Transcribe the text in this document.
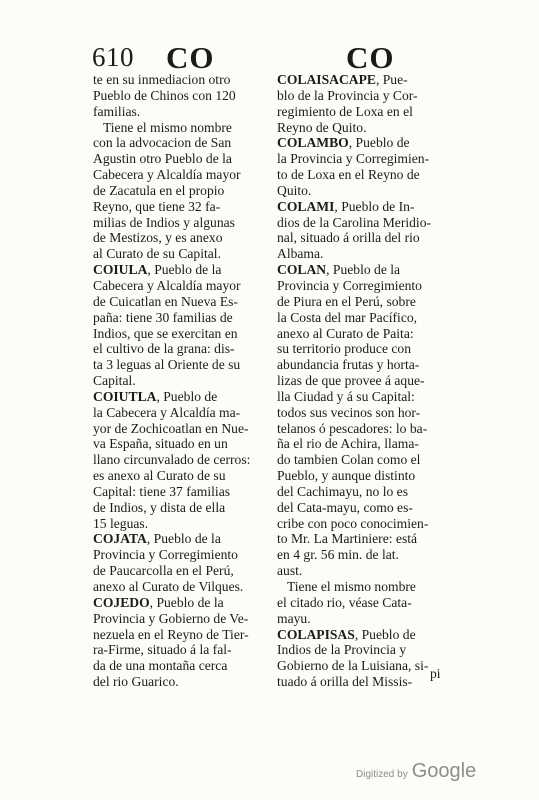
610 CO	CO
te en su inmediacion otro
Pueblo de Chinos con 120
familias.
Tiene el mismo nombre
con la advocacion de San
Agustin otro Pueblo de la
Cabecera y Alcaldía mayor
de Zacatula en el propio
Reyno, que tiene 32 fa-
milias de Indios y algunas
de Mestizos, y es anexo
al Curato de su Capital.
COIULA, Pueblo de la
Cabecera y Alcaldía mayor
de Cuicatlan en Nueva Es-
paña: tiene 30 familias de
Indios, que se exercitan en
el cultivo de la grana: dis-
ta 3 leguas al Oriente de su
Capital.
COIUTLA, Pueblo de
la Cabecera y Alcaldía ma-
yor de Zochicoatlan en Nue-
va España, situado en un
llano circunvalado de cerros:
es anexo al Curato de su
Capital: tiene 37 familias
de Indios, y dista de ella
15 leguas.
COJATA, Pueblo de la
Provincia y Corregimiento
de Paucarcolla en el Perú,
anexo al Curato de Vilques.
COJEDO, Pueblo de la
Provincia y Gobierno de Ve-
nezuela en el Reyno de Tier-
ra-Firme, situado á la fal-
da de una montaña cerca
del rio Guarico.
COLAISACAPE, Pue-
blo de la Provincia y Cor-
regimiento de Loxa en el
Reyno de Quito.
COLAMBO, Pueblo de
la Provincia y Corregimien-
to de Loxa en el Reyno de
Quito.
COLAMI, Pueblo de In-
dios de la Carolina Meridio-
nal, situado á orilla del rio
Albama.
COLAN, Pueblo de la
Provincia y Corregimiento
de Piura en el Perú, sobre
la Costa del mar Pacífico,
anexo al Curato de Paita:
su territorio produce con
abundancia frutas y horta-
lizas de que provee á aque-
lla Ciudad y á su Capital:
todos sus vecinos son hor-
telanos ó pescadores: lo ba-
ña el rio de Achira, llama-
do tambien Colan como el
Pueblo, y aunque distinto
del Cachimayu, no lo es
del Cata-mayu, como es-
cribe con poco conocimien-
to Mr. La Martiniere: está
en 4 gr. 56 min. de lat.
aust.
Tiene el mismo nombre
el citado rio, véase Cata-
mayu.
COLAPISAS, Pueblo de
Indios de la Provincia y
Gobierno de la Luisiana, si-
tuado á orilla del Missis-
pi
Digitized by Google
